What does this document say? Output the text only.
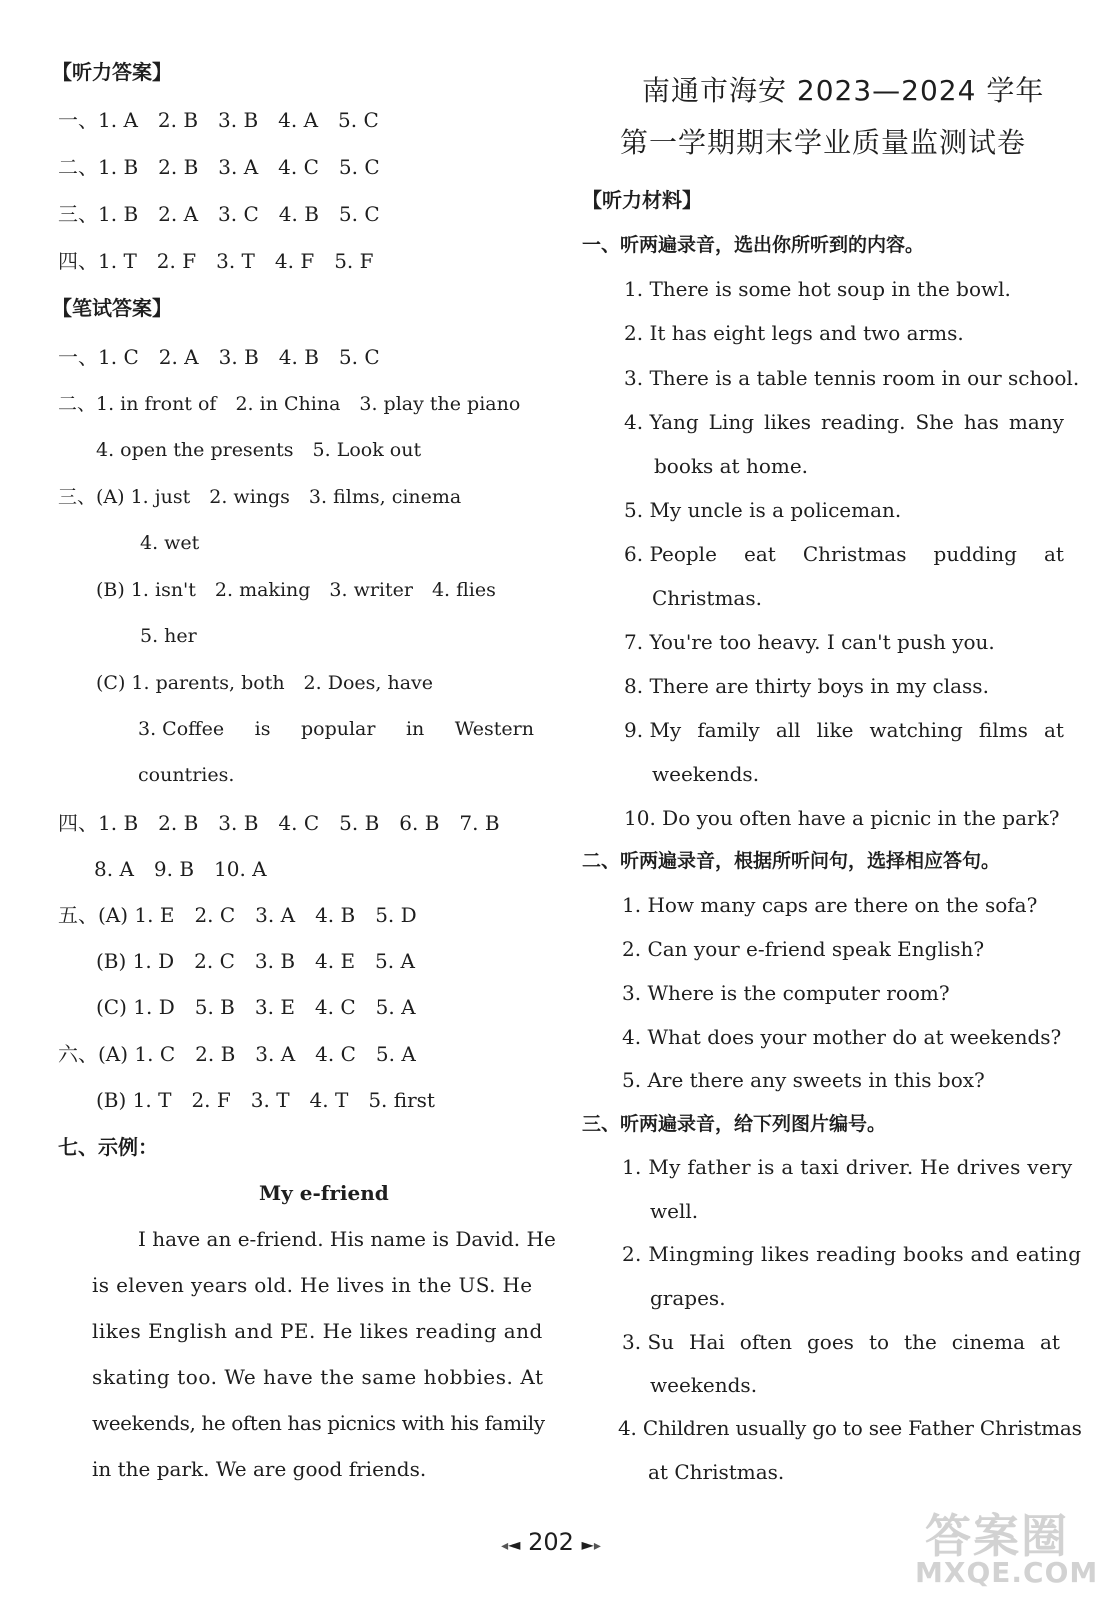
【听力答案】
一、1. A　2. B　3. B　4. A　5. C
二、1. B　2. B　3. A　4. C　5. C
三、1. B　2. A　3. C　4. B　5. C
四、1. T　2. F　3. T　4. F　5. F
【笔试答案】
一、1. C　2. A　3. B　4. B　5. C
二、1. in front of　2. in China　3. play the piano
4. open the presents　5. Look out
三、(A) 1. just　2. wings　3. films, cinema
4. wet
(B) 1. isn't　2. making　3. writer　4. flies
5. her
(C) 1. parents, both　2. Does, have
3. Coffee is popular in Western
countries.
四、1. B　2. B　3. B　4. C　5. B　6. B　7. B
8. A　9. B　10. A
五、(A) 1. E　2. C　3. A　4. B　5. D
(B) 1. D　2. C　3. B　4. E　5. A
(C) 1. D　5. B　3. E　4. C　5. A
六、(A) 1. C　2. B　3. A　4. C　5. A
(B) 1. T　2. F　3. T　4. T　5. first
七、示例：
My e-friend
I have an e-friend. His name is David. He
is eleven years old. He lives in the US. He
likes English and PE. He likes reading and
skating too. We have the same hobbies. At
weekends, he often has picnics with his family
in the park. We are good friends.
南通市海安 2023—2024 学年
第一学期期末学业质量监测试卷
【听力材料】
一、听两遍录音，选出你所听到的内容。
1. There is some hot soup in the bowl.
2. It has eight legs and two arms.
3. There is a table tennis room in our school.
4. Yang Ling likes reading. She has many
books at home.
5. My uncle is a policeman.
6. People eat Christmas pudding at
Christmas.
7. You're too heavy. I can't push you.
8. There are thirty boys in my class.
9. My family all like watching films at
weekends.
10. Do you often have a picnic in the park?
二、听两遍录音，根据所听问句，选择相应答句。
1. How many caps are there on the sofa?
2. Can your e-friend speak English?
3. Where is the computer room?
4. What does your mother do at weekends?
5. Are there any sweets in this box?
三、听两遍录音，给下列图片编号。
1. My father is a taxi driver. He drives very
well.
2. Mingming likes reading books and eating
grapes.
3. Su Hai often goes to the cinema at
weekends.
4. Children usually go to see Father Christmas
at Christmas.
◂◄ 202 ►▸	答案圈
MXQE.COM
